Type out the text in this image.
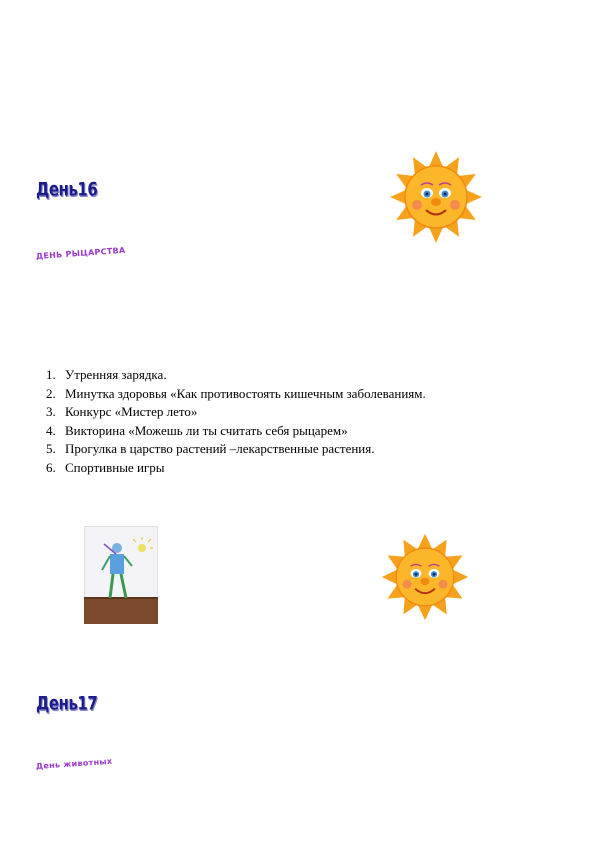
День16
ДЕНЬ РЫЦАРСТВА
1. Утренняя зарядка.
2. Минутка здоровья «Как противостоять кишечным заболеваниям.
3. Конкурс «Мистер лето»
4. Викторина «Можешь ли ты считать себя рыцарем»
5. Прогулка в царство растений –лекарственные растения.
6. Спортивные игры
День17
День животных
